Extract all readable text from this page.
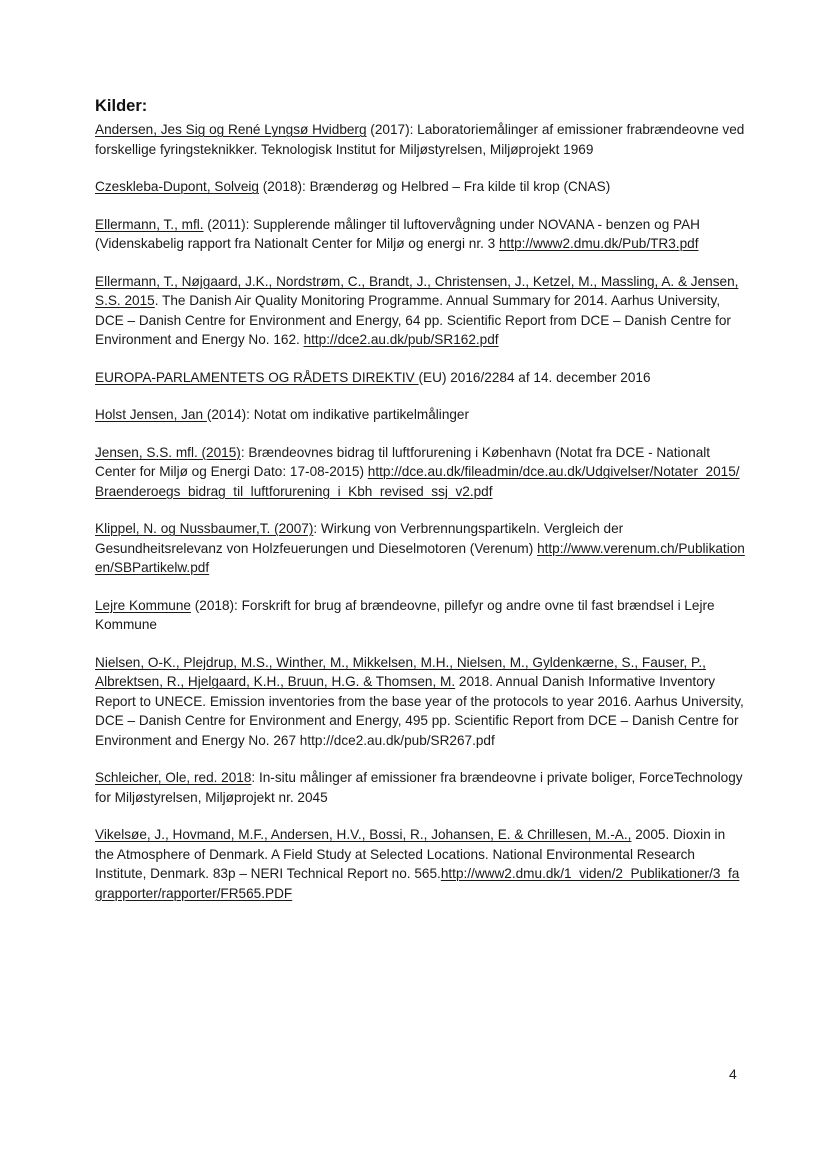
Kilder:

Andersen, Jes Sig og René Lyngsø Hvidberg (2017): Laboratoriemålinger af emissioner frabrændeovne ved forskellige fyringsteknikker. Teknologisk Institut for Miljøstyrelsen, Miljøprojekt 1969

Czeskleba-Dupont, Solveig (2018): Brænderøg og Helbred – Fra kilde til krop (CNAS)

Ellermann, T., mfl. (2011): Supplerende målinger til luftovervågning under NOVANA - benzen og PAH (Videnskabelig rapport fra Nationalt Center for Miljø og energi nr. 3 http://www2.dmu.dk/Pub/TR3.pdf

Ellermann, T., Nøjgaard, J.K., Nordstrøm, C., Brandt, J., Christensen, J., Ketzel, M., Massling, A. & Jensen, S.S. 2015. The Danish Air Quality Monitoring Programme. Annual Summary for 2014. Aarhus University, DCE – Danish Centre for Environment and Energy, 64 pp. Scientific Report from DCE – Danish Centre for Environment and Energy No. 162. http://dce2.au.dk/pub/SR162.pdf

EUROPA-PARLAMENTETS OG RÅDETS DIREKTIV (EU) 2016/2284 af 14. december 2016

Holst Jensen, Jan (2014): Notat om indikative partikelmålinger

Jensen, S.S. mfl. (2015): Brændeovnes bidrag til luftforurening i København (Notat fra DCE - Nationalt Center for Miljø og Energi Dato: 17-08-2015) http://dce.au.dk/fileadmin/dce.au.dk/Udgivelser/Notater_2015/Braenderoegs_bidrag_til_luftforurening_i_Kbh_revised_ssj_v2.pdf

Klippel, N. og Nussbaumer,T. (2007): Wirkung von Verbrennungspartikeln. Vergleich der Gesundheitsrelevanz von Holzfeuerungen und Dieselmotoren (Verenum) http://www.verenum.ch/Publikationen/SBPartikelw.pdf

Lejre Kommune (2018): Forskrift for brug af brændeovne, pillefyr og andre ovne til fast brændsel i Lejre Kommune

Nielsen, O-K., Plejdrup, M.S., Winther, M., Mikkelsen, M.H., Nielsen, M., Gyldenkærne, S., Fauser, P., Albrektsen, R., Hjelgaard, K.H., Bruun, H.G. & Thomsen, M. 2018. Annual Danish Informative Inventory Report to UNECE. Emission inventories from the base year of the protocols to year 2016. Aarhus University, DCE – Danish Centre for Environment and Energy, 495 pp. Scientific Report from DCE – Danish Centre for Environment and Energy No. 267 http://dce2.au.dk/pub/SR267.pdf

Schleicher, Ole, red. 2018: In-situ målinger af emissioner fra brændeovne i private boliger, ForceTechnology for Miljøstyrelsen, Miljøprojekt nr. 2045

Vikelsøe, J., Hovmand, M.F., Andersen, H.V., Bossi, R., Johansen, E. & Chrillesen, M.-A., 2005. Dioxin in the Atmosphere of Denmark. A Field Study at Selected Locations. National Environmental Research Institute, Denmark. 83p – NERI Technical Report no. 565.http://www2.dmu.dk/1_viden/2_Publikationer/3_fagrapporter/rapporter/FR565.PDF

4
